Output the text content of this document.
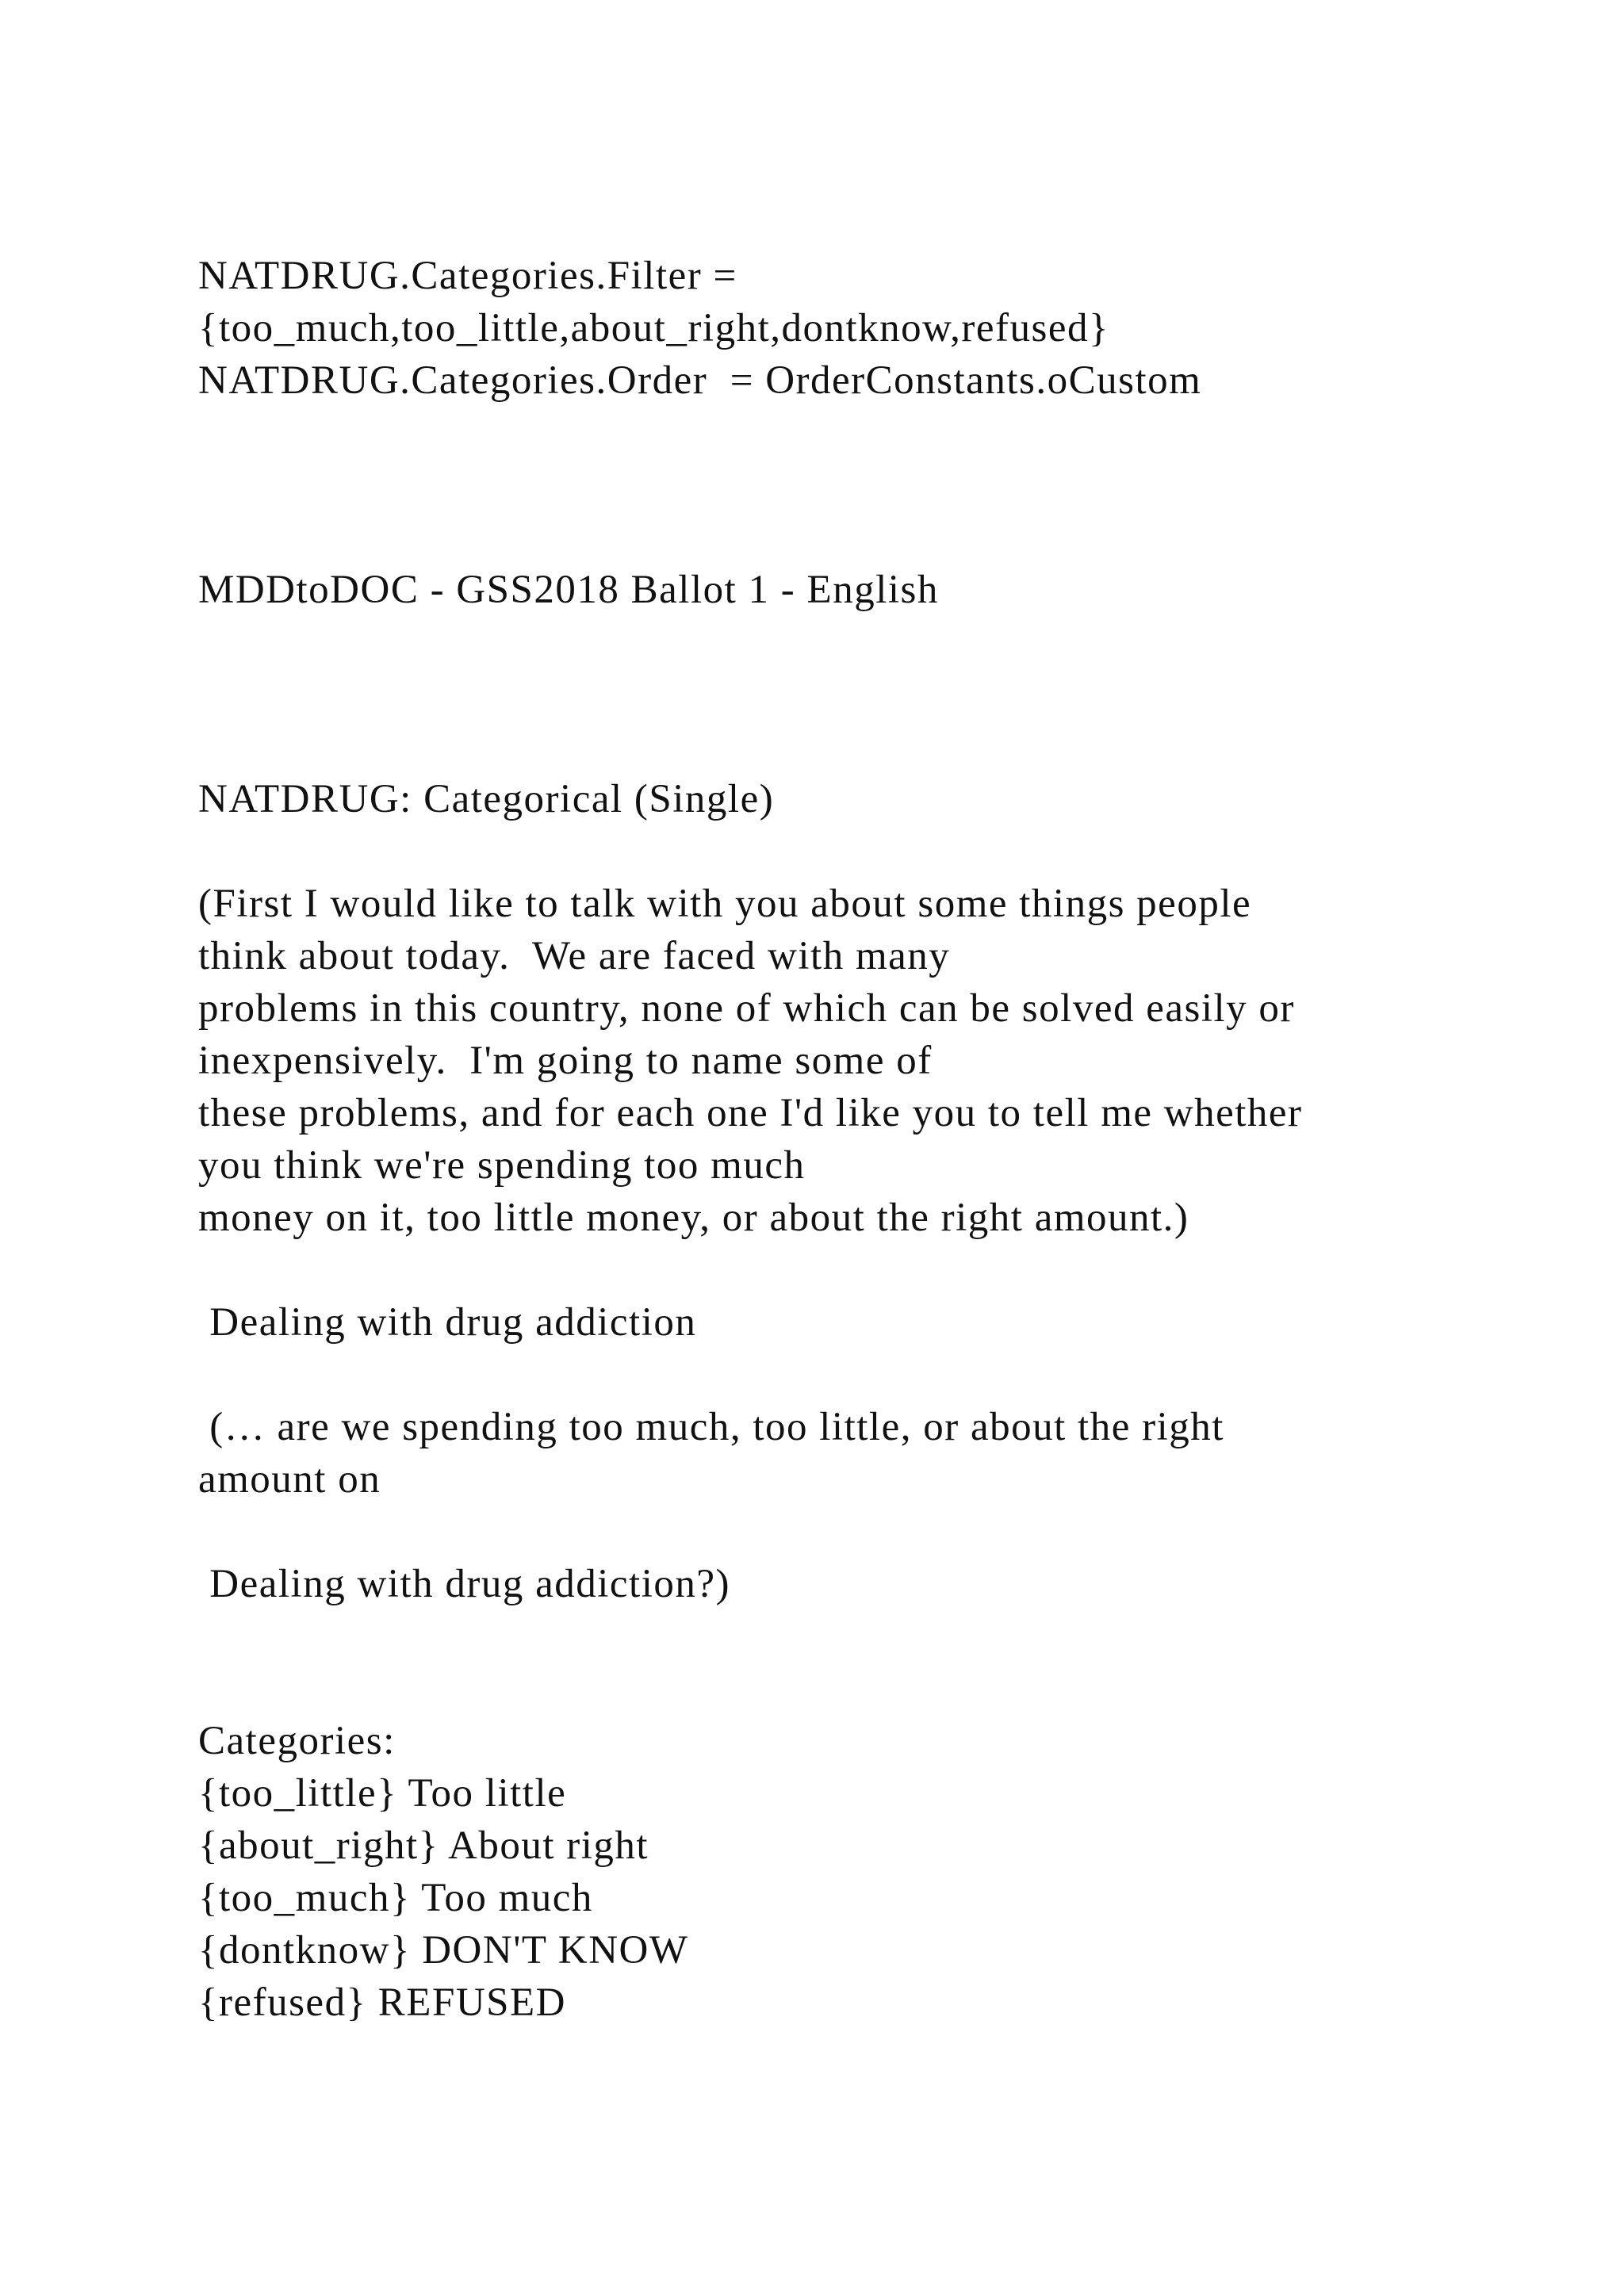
NATDRUG.Categories.Filter =

{too_much,too_little,about_right,dontknow,refused}

NATDRUG.Categories.Order  = OrderConstants.oCustom

MDDtoDOC - GSS2018 Ballot 1 - English

NATDRUG: Categorical (Single)

(First I would like to talk with you about some things people

think about today.  We are faced with many

problems in this country, none of which can be solved easily or

inexpensively.  I'm going to name some of

these problems, and for each one I'd like you to tell me whether

you think we're spending too much

money on it, too little money, or about the right amount.)

Dealing with drug addiction

(… are we spending too much, too little, or about the right

amount on

Dealing with drug addiction?)

Categories:

{too_little} Too little

{about_right} About right

{too_much} Too much

{dontknow} DON'T KNOW

{refused} REFUSED
